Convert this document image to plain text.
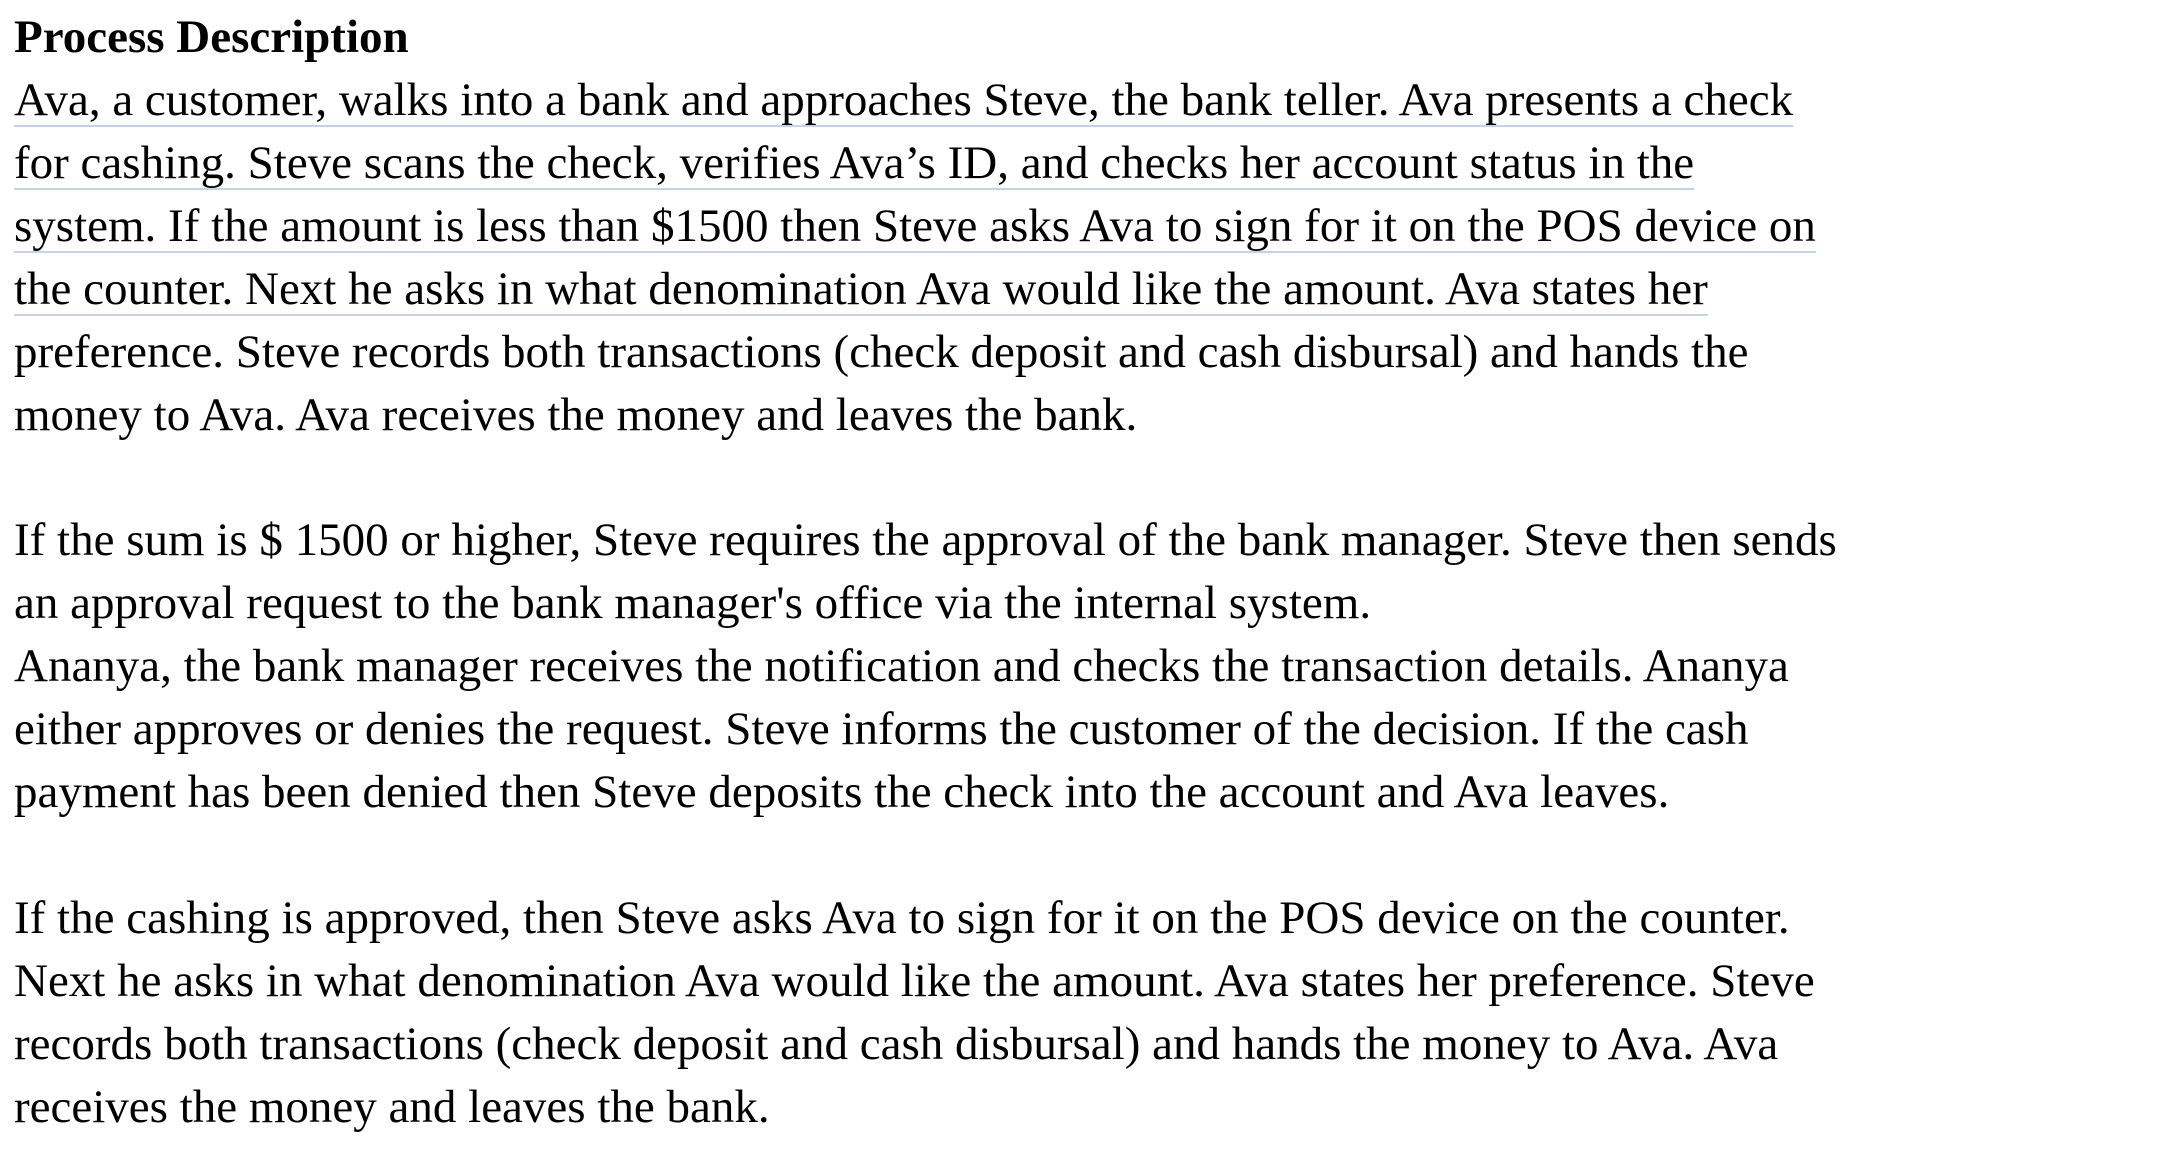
Process Description
Ava, a customer, walks into a bank and approaches Steve, the bank teller. Ava presents a check
for cashing. Steve scans the check, verifies Ava’s ID, and checks her account status in the
system. If the amount is less than $1500 then Steve asks Ava to sign for it on the POS device on
the counter. Next he asks in what denomination Ava would like the amount. Ava states her
preference. Steve records both transactions (check deposit and cash disbursal) and hands the
money to Ava. Ava receives the money and leaves the bank.
If the sum is $ 1500 or higher, Steve requires the approval of the bank manager. Steve then sends
an approval request to the bank manager's office via the internal system.
Ananya, the bank manager receives the notification and checks the transaction details. Ananya
either approves or denies the request. Steve informs the customer of the decision. If the cash
payment has been denied then Steve deposits the check into the account and Ava leaves.
If the cashing is approved, then Steve asks Ava to sign for it on the POS device on the counter.
Next he asks in what denomination Ava would like the amount. Ava states her preference. Steve
records both transactions (check deposit and cash disbursal) and hands the money to Ava. Ava
receives the money and leaves the bank.
